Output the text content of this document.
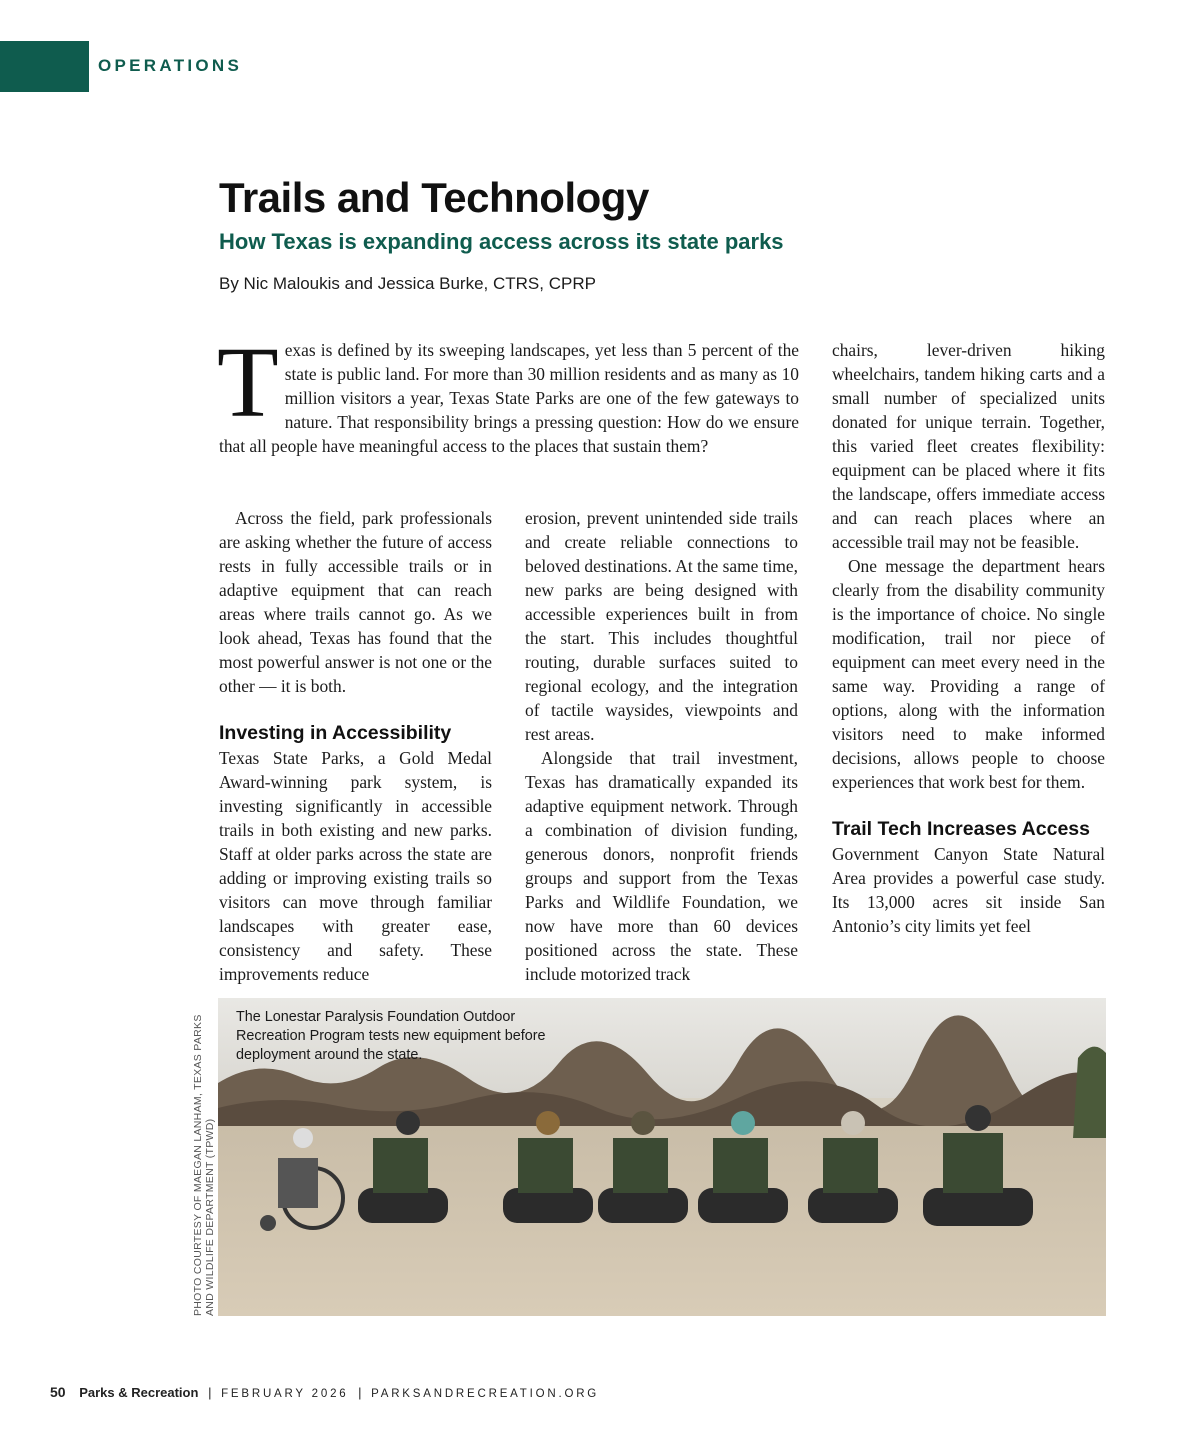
OPERATIONS
Trails and Technology
How Texas is expanding access across its state parks
By Nic Maloukis and Jessica Burke, CTRS, CPRP
T exas is defined by its sweeping landscapes, yet less than 5 percent of the state is public land. For more than 30 million residents and as many as 10 million visitors a year, Texas State Parks are one of the few gateways to nature. That responsibility brings a pressing question: How do we ensure that all people have meaningful access to the places that sustain them?

Across the field, park professionals are asking whether the future of access rests in fully accessible trails or in adaptive equipment that can reach areas where trails cannot go. As we look ahead, Texas has found that the most powerful answer is not one or the other — it is both.

Investing in Accessibility

Texas State Parks, a Gold Medal Award-winning park system, is investing significantly in accessible trails in both existing and new parks. Staff at older parks across the state are adding or improving existing trails so visitors can move through familiar landscapes with greater ease, consistency and safety. These improvements reduce

erosion, prevent unintended side trails and create reliable connections to beloved destinations. At the same time, new parks are being designed with accessible experiences built in from the start. This includes thoughtful routing, durable surfaces suited to regional ecology, and the integration of tactile waysides, viewpoints and rest areas.

Alongside that trail investment, Texas has dramatically expanded its adaptive equipment network. Through a combination of division funding, generous donors, nonprofit friends groups and support from the Texas Parks and Wildlife Foundation, we now have more than 60 devices positioned across the state. These include motorized track

chairs, lever-driven hiking wheelchairs, tandem hiking carts and a small number of specialized units donated for unique terrain. Together, this varied fleet creates flexibility: equipment can be placed where it fits the landscape, offers immediate access and can reach places where an accessible trail may not be feasible.

One message the department hears clearly from the disability community is the importance of choice. No single modification, trail nor piece of equipment can meet every need in the same way. Providing a range of options, along with the information visitors need to make informed decisions, allows people to choose experiences that work best for them.

Trail Tech Increases Access

Government Canyon State Natural Area provides a powerful case study. Its 13,000 acres sit inside San Antonio’s city limits yet feel

The Lonestar Paralysis Foundation Outdoor Recreation Program tests new equipment before deployment around the state.
PHOTO COURTESY OF MAEGAN LANHAM, TEXAS PARKS AND WILDLIFE DEPARTMENT (TPWD)
50 Parks & Recreation | FEBRUARY 2026 | PARKSANDRECREATION.ORG
